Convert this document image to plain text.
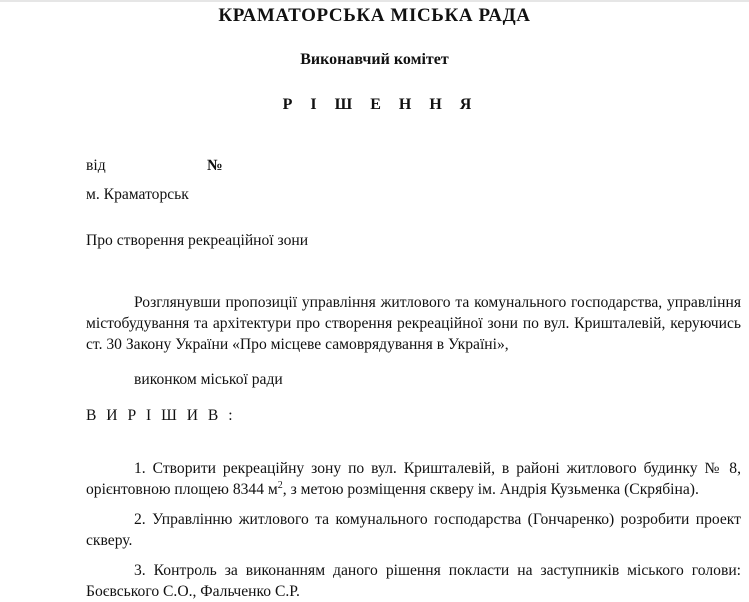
КРАМАТОРСЬКА МІСЬКА РАДА
Виконавчий комітет
Р І Ш Е Н Н Я
від	№
м. Краматорськ
Про створення рекреаційної зони
Розглянувши пропозиції управління житлового та комунального господарства, управління містобудування та архітектури про створення рекреаційної зони по вул. Кришталевій, керуючись ст. 30 Закону України «Про місцеве самоврядування в Україні»,
виконком міської ради
В И Р І Ш И В :
1. Створити рекреаційну зону по вул. Кришталевій, в районі житлового будинку № 8, орієнтовною площею 8344 $м^2$, з метою розміщення скверу ім. Андрія Кузьменка (Скрябіна).
2. Управлінню житлового та комунального господарства (Гончаренко) розробити проект скверу.
3. Контроль за виконанням даного рішення покласти на заступників міського голови: Боєвського С.О., Фальченко С.Р.
